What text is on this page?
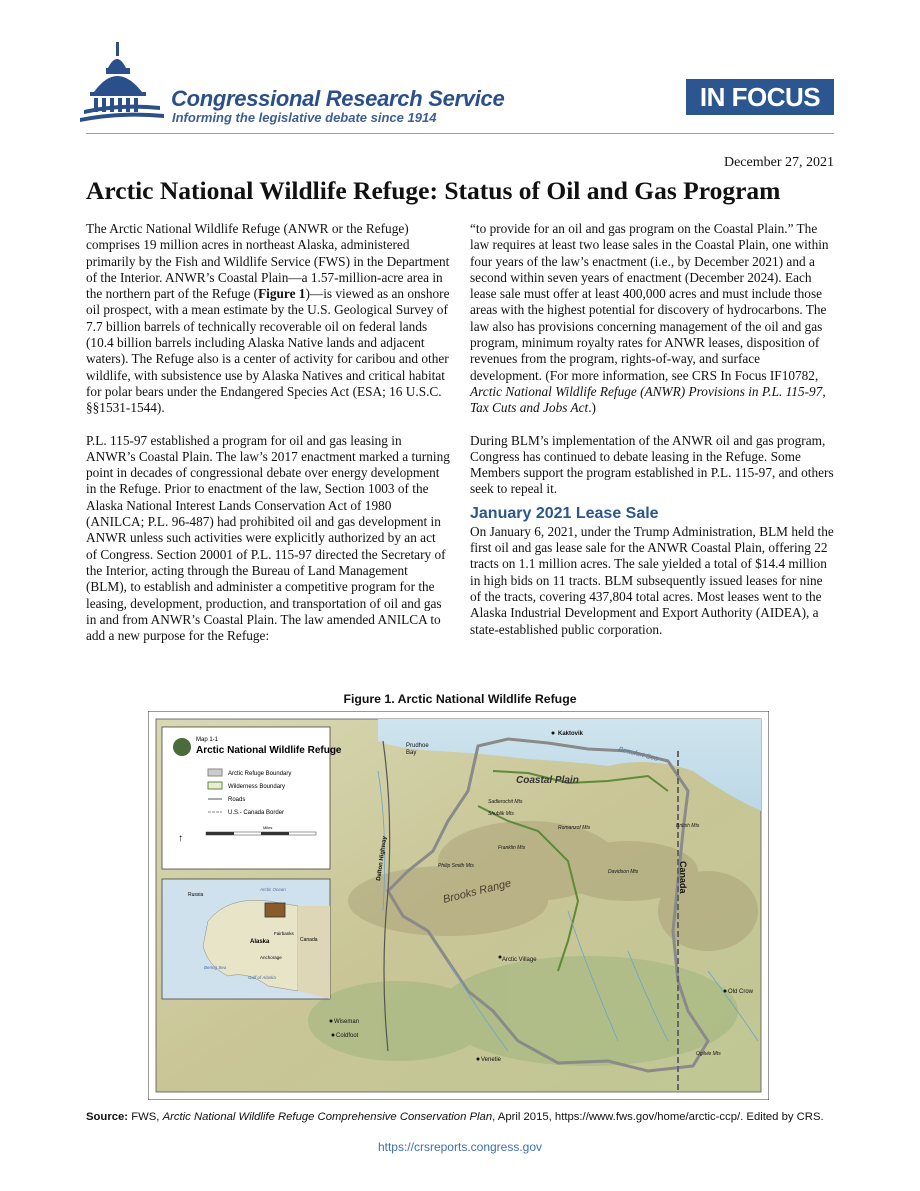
Congressional Research Service
Informing the legislative debate since 1914
IN FOCUS
December 27, 2021
Arctic National Wildlife Refuge: Status of Oil and Gas Program

The Arctic National Wildlife Refuge (ANWR or the Refuge) comprises 19 million acres in northeast Alaska, administered primarily by the Fish and Wildlife Service (FWS) in the Department of the Interior. ANWR’s Coastal Plain—a 1.57-million-acre area in the northern part of the Refuge (Figure 1)—is viewed as an onshore oil prospect, with a mean estimate by the U.S. Geological Survey of 7.7 billion barrels of technically recoverable oil on federal lands (10.4 billion barrels including Alaska Native lands and adjacent waters). The Refuge also is a center of activity for caribou and other wildlife, with subsistence use by Alaska Natives and critical habitat for polar bears under the Endangered Species Act (ESA; 16 U.S.C. §§1531-1544).

P.L. 115-97 established a program for oil and gas leasing in ANWR’s Coastal Plain. The law’s 2017 enactment marked a turning point in decades of congressional debate over energy development in the Refuge. Prior to enactment of the law, Section 1003 of the Alaska National Interest Lands Conservation Act of 1980 (ANILCA; P.L. 96-487) had prohibited oil and gas development in ANWR unless such activities were explicitly authorized by an act of Congress. Section 20001 of P.L. 115-97 directed the Secretary of the Interior, acting through the Bureau of Land Management (BLM), to establish and administer a competitive program for the leasing, development, production, and transportation of oil and gas in and from ANWR’s Coastal Plain. The law amended ANILCA to add a new purpose for the Refuge:

“to provide for an oil and gas program on the Coastal Plain.” The law requires at least two lease sales in the Coastal Plain, one within four years of the law’s enactment (i.e., by December 2021) and a second within seven years of enactment (December 2024). Each lease sale must offer at least 400,000 acres and must include those areas with the highest potential for discovery of hydrocarbons. The law also has provisions concerning management of the oil and gas program, minimum royalty rates for ANWR leases, disposition of revenues from the program, rights-of-way, and surface development. (For more information, see CRS In Focus IF10782, Arctic National Wildlife Refuge (ANWR) Provisions in P.L. 115-97, Tax Cuts and Jobs Act.)

During BLM’s implementation of the ANWR oil and gas program, Congress has continued to debate leasing in the Refuge. Some Members support the program established in P.L. 115-97, and others seek to repeal it.

January 2021 Lease Sale

On January 6, 2021, under the Trump Administration, BLM held the first oil and gas lease sale for the ANWR Coastal Plain, offering 22 tracts on 1.1 million acres. The sale yielded a total of $14.4 million in high bids on 11 tracts. BLM subsequently issued leases for nine of the tracts, covering 437,804 total acres. Most leases went to the Alaska Industrial Development and Export Authority (AIDEA), a state-established public corporation.

Figure 1. Arctic National Wildlife Refuge
Map 1-1
Arctic National Wildlife Refuge
Arctic Refuge Boundary
Wilderness Boundary
Roads
U.S.- Canada Border
Miles
↑
Russia
Arctic Ocean
Alaska	Canada
Fairbanks
Anchorage
Bering Sea
Gulf of Alaska
Prudhoe
Bay
Kaktovik
Beaufort Sea
Coastal Plain
Brooks Range	Canada
Dalton Highway
Arctic Village
Wiseman
Coldfoot
Venetie
Old Crow
Sadlerochit Mts
Shublik Mts
Romanzof Mts
Franklin Mts
Philip Smith Mts
Davidson Mts
British Mts
Ogilvie Mts
Source: FWS, Arctic National Wildlife Refuge Comprehensive Conservation Plan, April 2015, https://www.fws.gov/home/arctic-ccp/. Edited by CRS.
https://crsreports.congress.gov
